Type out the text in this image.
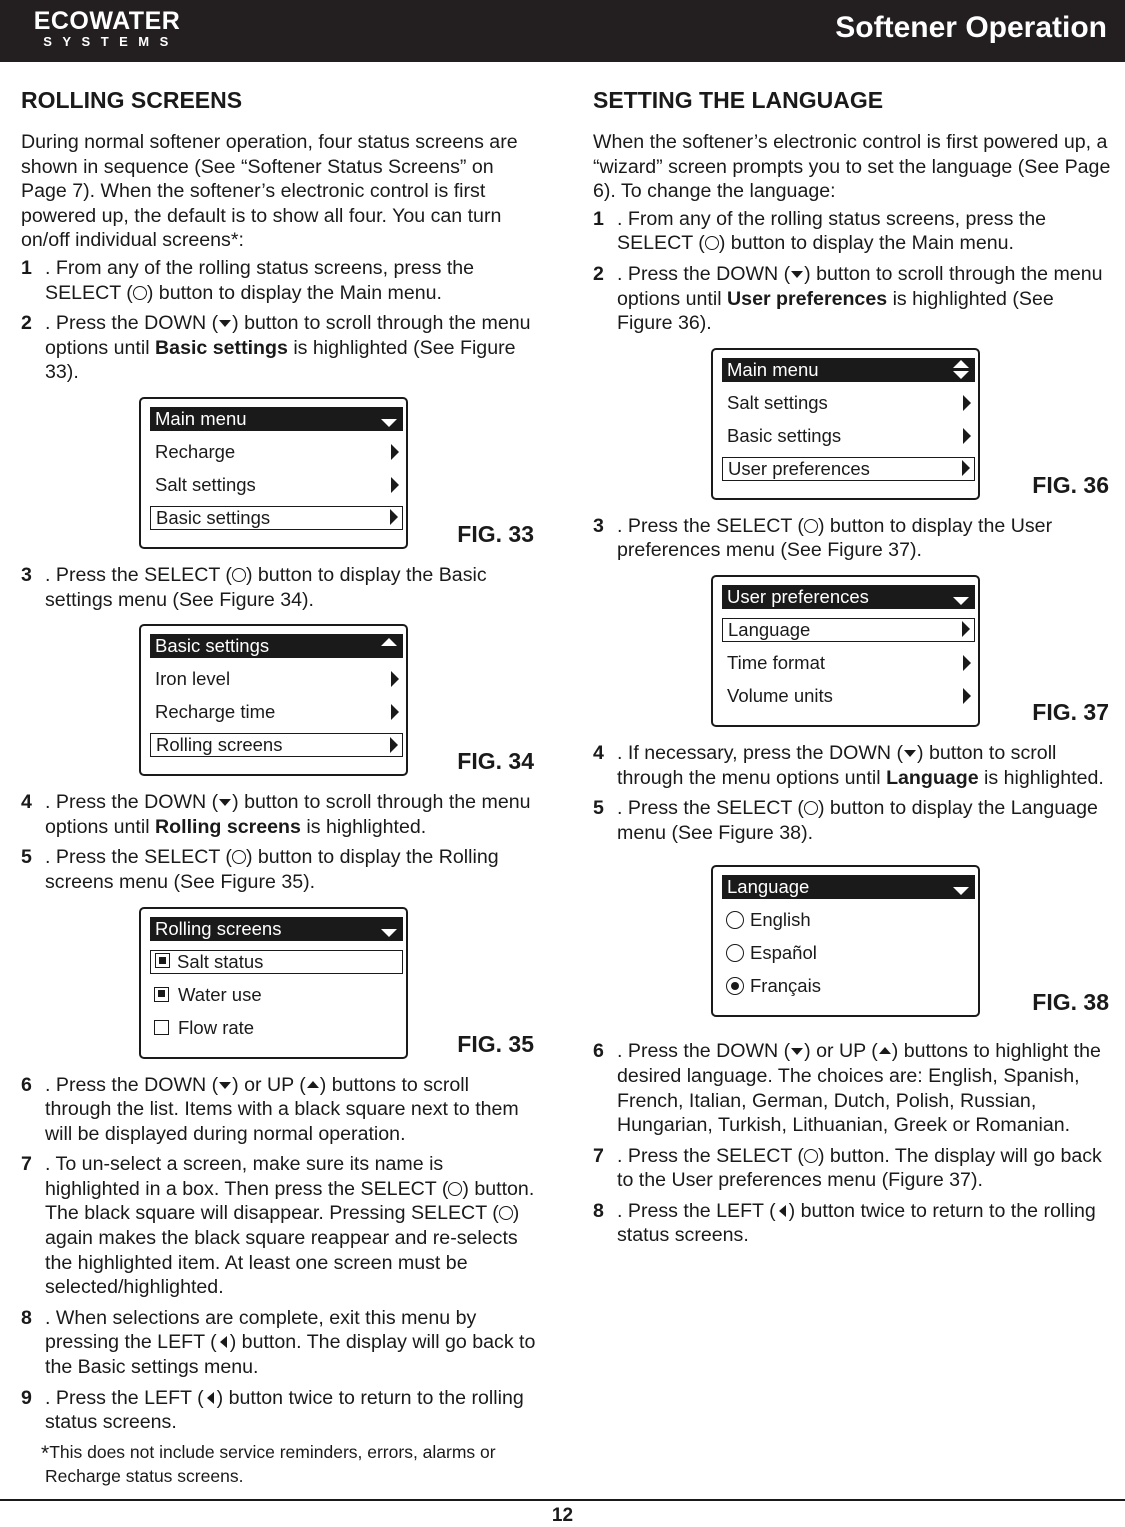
ECOWATER
SYSTEMS	Softener Operation
ROLLING SCREENS

During normal softener operation, four status screens are shown in sequence (See “Softener Status Screens” on Page 7). When the softener’s electronic control is first powered up, the default is to show all four. You can turn on/off individual screens*:

1 . From any of the rolling status screens, press the SELECT ( ) button to display the Main menu.
2 . Press the DOWN ( ) button to scroll through the menu options until Basic settings is highlighted (See Figure 33).
Main menu
Recharge
Salt settings
Basic settings
FIG. 33
3 . Press the SELECT ( ) button to display the Basic settings menu (See Figure 34).
Basic settings
Iron level
Recharge time
Rolling screens
FIG. 34
4 . Press the DOWN ( ) button to scroll through the menu options until Rolling screens is highlighted.
5 . Press the SELECT ( ) button to display the Rolling screens menu (See Figure 35).
Rolling screens
Salt status
Water use
Flow rate
FIG. 35
6 . Press the DOWN ( ) or UP ( ) buttons to scroll through the list. Items with a black square next to them will be displayed during normal operation.
7 . To un-select a screen, make sure its name is highlighted in a box. Then press the SELECT ( ) button. The black square will disappear. Pressing SELECT ( ) again makes the black square reappear and re-selects the highlighted item. At least one screen must be selected/highlighted.
8 . When selections are complete, exit this menu by pressing the LEFT ( ) button. The display will go back to the Basic settings menu.
9 . Press the LEFT ( ) button twice to return to the rolling status screens.
*This does not include service reminders, errors, alarms or Recharge status screens.
SETTING THE LANGUAGE

When the softener’s electronic control is first powered up, a “wizard” screen prompts you to set the language (See Page 6). To change the language:

1 . From any of the rolling status screens, press the SELECT ( ) button to display the Main menu.
2 . Press the DOWN ( ) button to scroll through the menu options until User preferences is highlighted (See Figure 36).
Main menu
Salt settings
Basic settings
User preferences
FIG. 36
3 . Press the SELECT ( ) button to display the User preferences menu (See Figure 37).
User preferences
Language
Time format
Volume units
FIG. 37
4 . If necessary, press the DOWN ( ) button to scroll through the menu options until Language is highlighted.
5 . Press the SELECT ( ) button to display the Language menu (See Figure 38).
Language
English
Español
Français
FIG. 38
6 . Press the DOWN ( ) or UP ( ) buttons to highlight the desired language. The choices are: English, Spanish, French, Italian, German, Dutch, Polish, Russian, Hungarian, Turkish, Lithuanian, Greek or Romanian.
7 . Press the SELECT ( ) button. The display will go back to the User preferences menu (Figure 37).
8 . Press the LEFT ( ) button twice to return to the rolling status screens.
12
